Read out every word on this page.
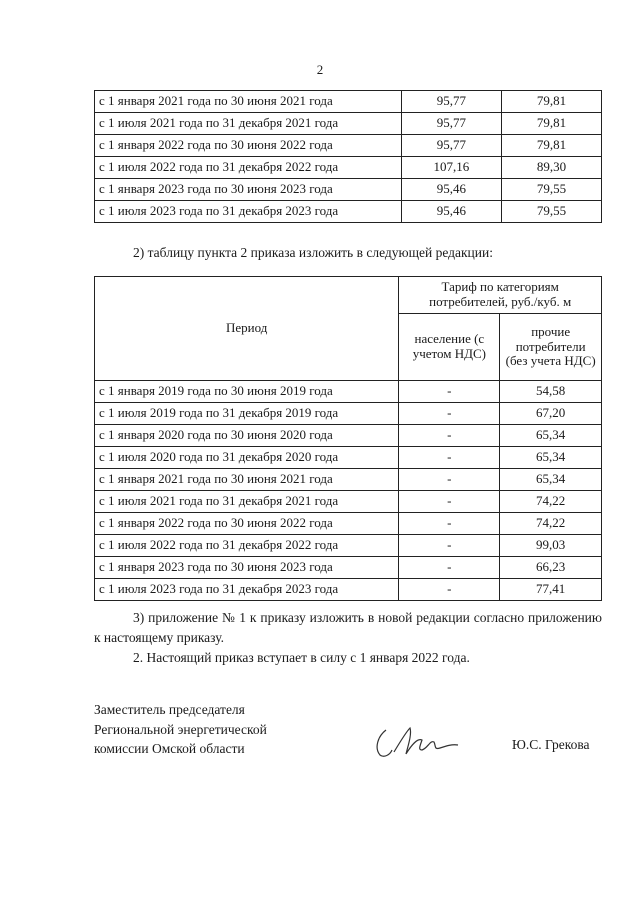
2
с 1 января 2021 года по 30 июня 2021 года	95,77	79,81
с 1 июля 2021 года по 31 декабря 2021 года	95,77	79,81
с 1 января 2022 года по 30 июня 2022 года	95,77	79,81
с 1 июля 2022 года по 31 декабря 2022 года	107,16	89,30
с 1 января 2023 года по 30 июня 2023 года	95,46	79,55
с 1 июля 2023 года по 31 декабря 2023 года	95,46	79,55
2) таблицу пункта 2 приказа изложить в следующей редакции:
Период	Тариф по категориям потребителей, руб./куб. м	
	население (с учетом НДС)	прочие потребители (без учета НДС)
с 1 января 2019 года по 30 июня 2019 года	-	54,58
с 1 июля 2019 года по 31 декабря 2019 года	-	67,20
с 1 января 2020 года по 30 июня 2020 года	-	65,34
с 1 июля 2020 года по 31 декабря 2020 года	-	65,34
с 1 января 2021 года по 30 июня 2021 года	-	65,34
с 1 июля 2021 года по 31 декабря 2021 года	-	74,22
с 1 января 2022 года по 30 июня 2022 года	-	74,22
с 1 июля 2022 года по 31 декабря 2022 года	-	99,03
с 1 января 2023 года по 30 июня 2023 года	-	66,23
с 1 июля 2023 года по 31 декабря 2023 года	-	77,41
3) приложение № 1 к приказу изложить в новой редакции согласно приложению к настоящему приказу.
2. Настоящий приказ вступает в силу с 1 января 2022 года.
Заместитель председателя
Региональной энергетической
комиссии Омской области	Ю.С. Грекова
